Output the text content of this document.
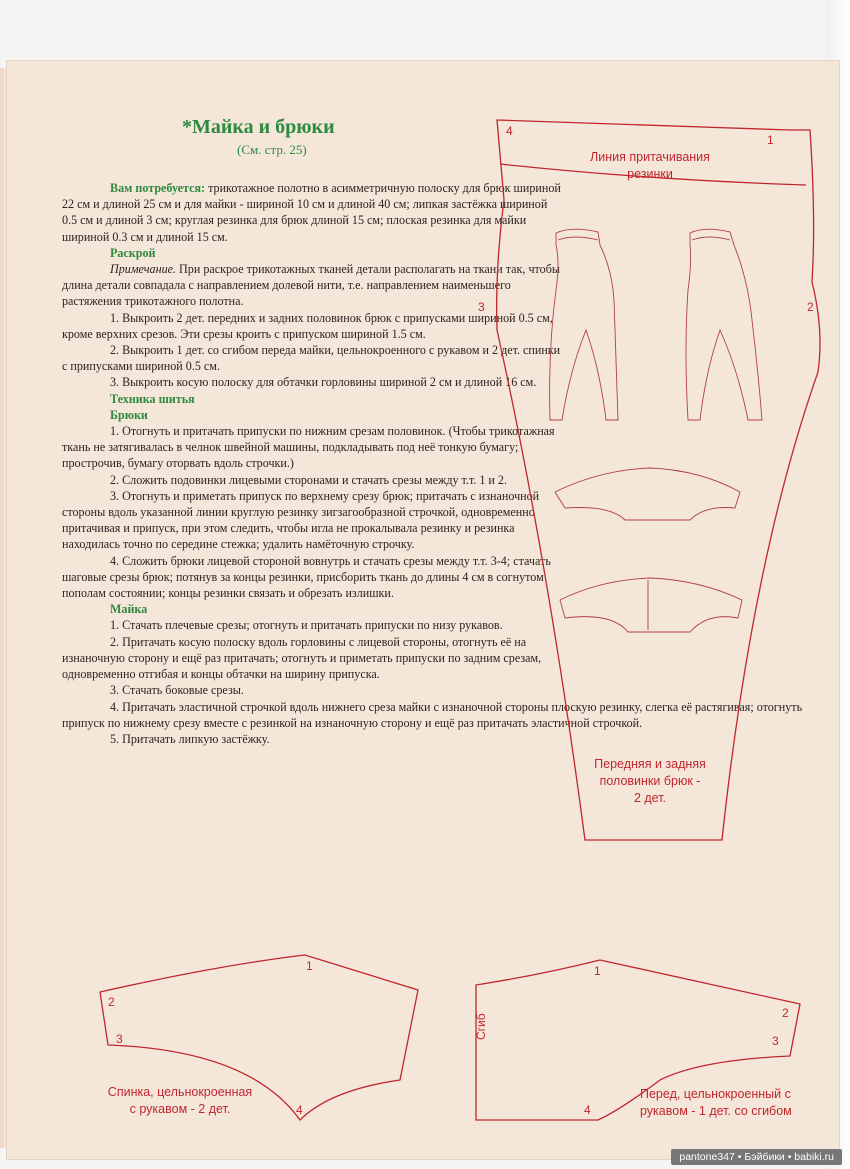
*Майка и брюки
(См. стр. 25)

Вам потребуется: трикотажное полотно в асимметричную полоску для брюк шириной 22 см и длиной 25 см и для майки - шириной 10 см и длиной 40 см; липкая застёжка шириной 0.5 см и длиной 3 см; круглая резинка для брюк длиной 15 см; плоская резинка для майки шириной 0.3 см и длиной 15 см.

Раскрой

Примечание. При раскрое трикотажных тканей детали располагать на ткани так, чтобы длина детали совпадала с направлением долевой нити, т.е. направлением наименьшего растяжения трикотажного полотна.

1. Выкроить 2 дет. передних и задних половинок брюк с припусками шириной 0.5 см, кроме верхних срезов. Эти срезы кроить с припуском шириной 1.5 см.

2. Выкроить 1 дет. со сгибом переда майки, цельнокроенного с рукавом и 2 дет. спинки с припусками шириной 0.5 см.

3. Выкроить косую полоску для обтачки горловины шириной 2 см и длиной 16 см.

Техника шитья

Брюки

1. Отогнуть и притачать припуски по нижним срезам половинок. (Чтобы трикотажная ткань не затягивалась в челнок швейной машины, подкладывать под неё тонкую бумагу; прострочив, бумагу оторвать вдоль строчки.)

2. Сложить подовинки лицевыми сторонами и стачать срезы между т.т. 1 и 2.

3. Отогнуть и приметать припуск по верхнему срезу брюк; притачать с изнаночной стороны вдоль указанной линии круглую резинку зигзагообразной строчкой, одновременно притачивая и припуск, при этом следить, чтобы игла не прокалывала резинку и резинка находилась точно по середине стежка; удалить намёточную строчку.

4. Сложить брюки лицевой стороной вовнутрь и стачать срезы между т.т. 3-4; стачать шаговые срезы брюк; потянув за концы резинки, присборить ткань до длины 4 см в согнутом пополам состоянии; концы резинки связать и обрезать излишки.

Майка

1. Стачать плечевые срезы; отогнуть и притачать припуски по низу рукавов.

2. Притачать косую полоску вдоль горловины с лицевой стороны, отогнуть её на изнаночную сторону и ещё раз притачать; отогнуть и приметать припуски по задним срезам, одновременно отгибая и концы обтачки на ширину припуска.

3. Стачать боковые срезы.

4. Притачать эластичной строчкой вдоль нижнего среза майки с изнаночной стороны плоскую резинку, слегка её растягивая; отогнуть припуск по нижнему срезу вместе с резинкой на изнаночную сторону и ещё раз притачать эластичной строчкой.

5. Притачать липкую застёжку.

Линия притачивания
резинки
Передняя и задняя
половинки брюк -
2 дет.
4
1
3	2
Спинка, цельнокроенная
с рукавом - 2 дет.
1
2
3
4
Перед, цельнокроенный с
рукавом - 1 дет. со сгибом
1
2
3
4
Сгиб
pantone347 • Бэйбики • babiki.ru
